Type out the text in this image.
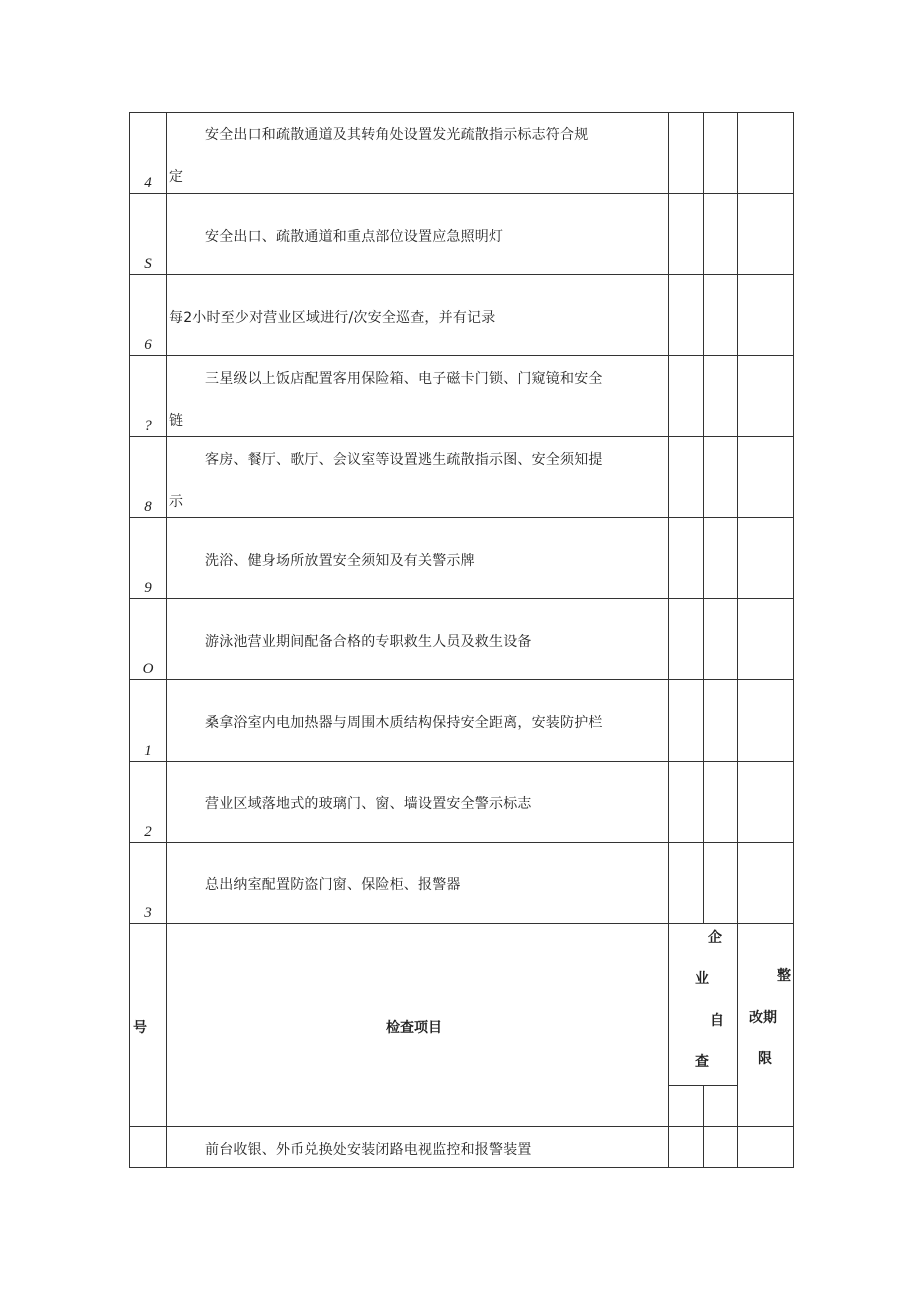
安全出口和疏散通道及其转角处设置发光疏散指示标志符合规
定
4
安全出口、疏散通道和重点部位设置应急照明灯
S
每2小时至少对营业区域进行/次安全巡查，并有记录
6
三星级以上饭店配置客用保险箱、电子磁卡门锁、门窥镜和安全
链
?
客房、餐厅、歌厅、会议室等设置逃生疏散指示图、安全须知提
示
8
洗浴、健身场所放置安全须知及有关警示牌
9
游泳池营业期间配备合格的专职救生人员及救生设备
O
桑拿浴室内电加热器与周围木质结构保持安全距离，安装防护栏
1
营业区域落地式的玻璃门、窗、墙设置安全警示标志
2
总出纳室配置防盗门窗、保险柜、报警器
3
号	检查项目
企
业
自
查
整
改期
限
前台收银、外币兑换处安装闭路电视监控和报警装置
